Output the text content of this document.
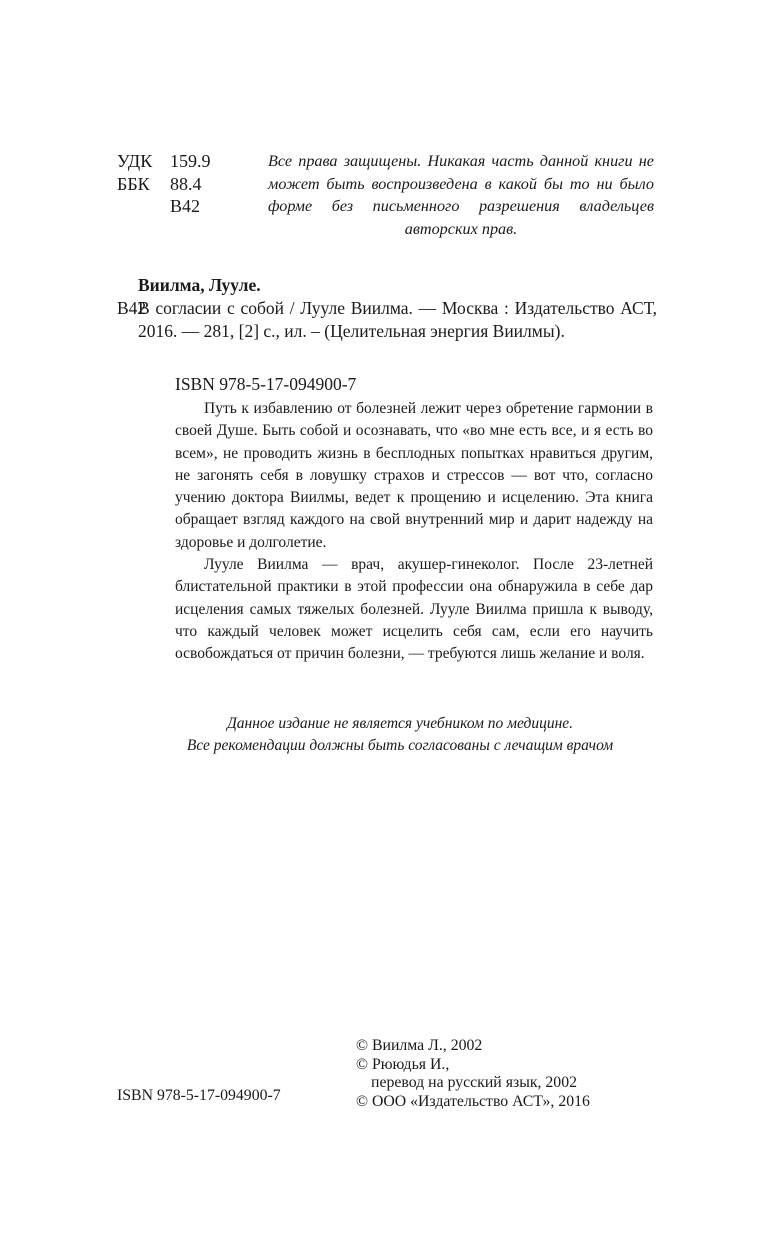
УДК 159.9
ББК	88.4
В42

Все права защищены. Никакая часть данной книги не может быть воспроизведена в какой бы то ни было форме без письменного разрешения владельцев авторских прав.

Виилма, Лууле.
В42
В согласии с собой / Лууле Виилма. — Москва : Издательство АСТ, 2016. — 281, [2] с., ил. – (Целительная энергия Виилмы).
ISBN 978-5-17-094900-7

Путь к избавлению от болезней лежит через обретение гармонии в своей Душе. Быть собой и осознавать, что «во мне есть все, и я есть во всем», не проводить жизнь в бесплодных попытках нравиться другим, не загонять себя в ловушку страхов и стрессов — вот что, согласно учению доктора Виилмы, ведет к прощению и исцелению. Эта книга обращает взгляд каждого на свой внутренний мир и дарит надежду на здоровье и долголетие.

Лууле Виилма — врач, акушер-гинеколог. После 23-летней блистательной практики в этой профессии она обнаружила в себе дар исцеления самых тяжелых болезней. Лууле Виилма пришла к выводу, что каждый человек может исцелить себя сам, если его научить освобождаться от причин болезни, — требуются лишь желание и воля.

Данное издание не является учебником по медицине.

Все рекомендации должны быть согласованы с лечащим врачом

© Виилма Л., 2002
© Рююдья И.,
перевод на русский язык, 2002
© ООО «Издательство АСТ», 2016
ISBN 978-5-17-094900-7
